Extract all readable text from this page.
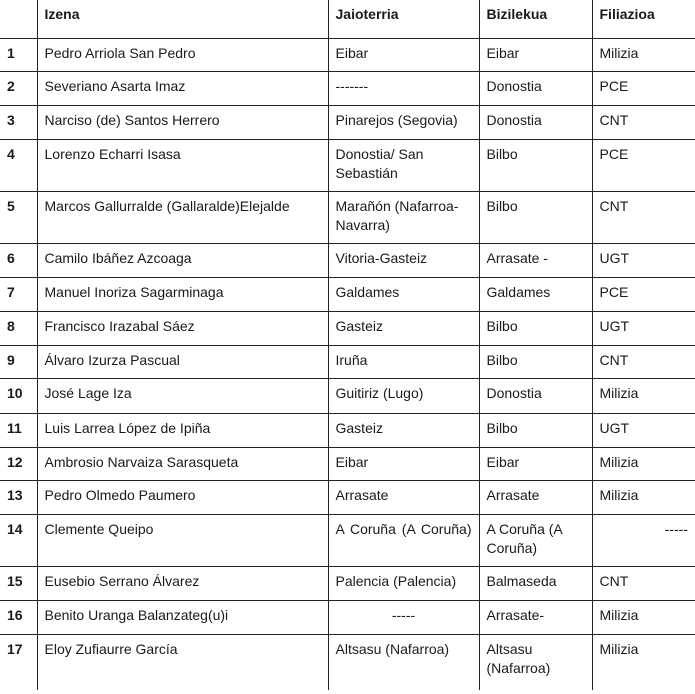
	Izena	Jaioterria	Bizilekua	Filiazioa
1	Pedro Arriola San Pedro	Eibar	Eibar	Milizia
2	Severiano Asarta Imaz	-------	Donostia	PCE
3	Narciso (de) Santos Herrero	Pinarejos (Segovia)	Donostia	CNT
4	Lorenzo Echarri Isasa	Donostia/ San Sebastián	Bilbo	PCE
5	Marcos Gallurralde (Gallaralde)Elejalde	Marañón (Nafarroa-Navarra)	Bilbo	CNT
6	Camilo Ibáñez Azcoaga	Vitoria-Gasteiz	Arrasate -	UGT
7	Manuel Inoriza Sagarminaga	Galdames	Galdames	PCE
8	Francisco Irazabal Sáez	Gasteiz	Bilbo	UGT
9	Álvaro Izurza Pascual	Iruña	Bilbo	CNT
10	José Lage Iza	Guitiriz (Lugo)	Donostia	Milizia
11	Luis Larrea López de Ipiña	Gasteiz	Bilbo	UGT
12	Ambrosio Narvaiza Sarasqueta	Eibar	Eibar	Milizia
13	Pedro Olmedo Paumero	Arrasate	Arrasate	Milizia
14	Clemente Queipo	A Coruña (A Coruña)	A Coruña (A Coruña)	-----
15	Eusebio Serrano Álvarez	Palencia (Palencia)	Balmaseda	CNT
16	Benito Uranga Balanzateg(u)i	-----	Arrasate-	Milizia
17	Eloy Zufiaurre García	Altsasu (Nafarroa)	Altsasu (Nafarroa)	Milizia
